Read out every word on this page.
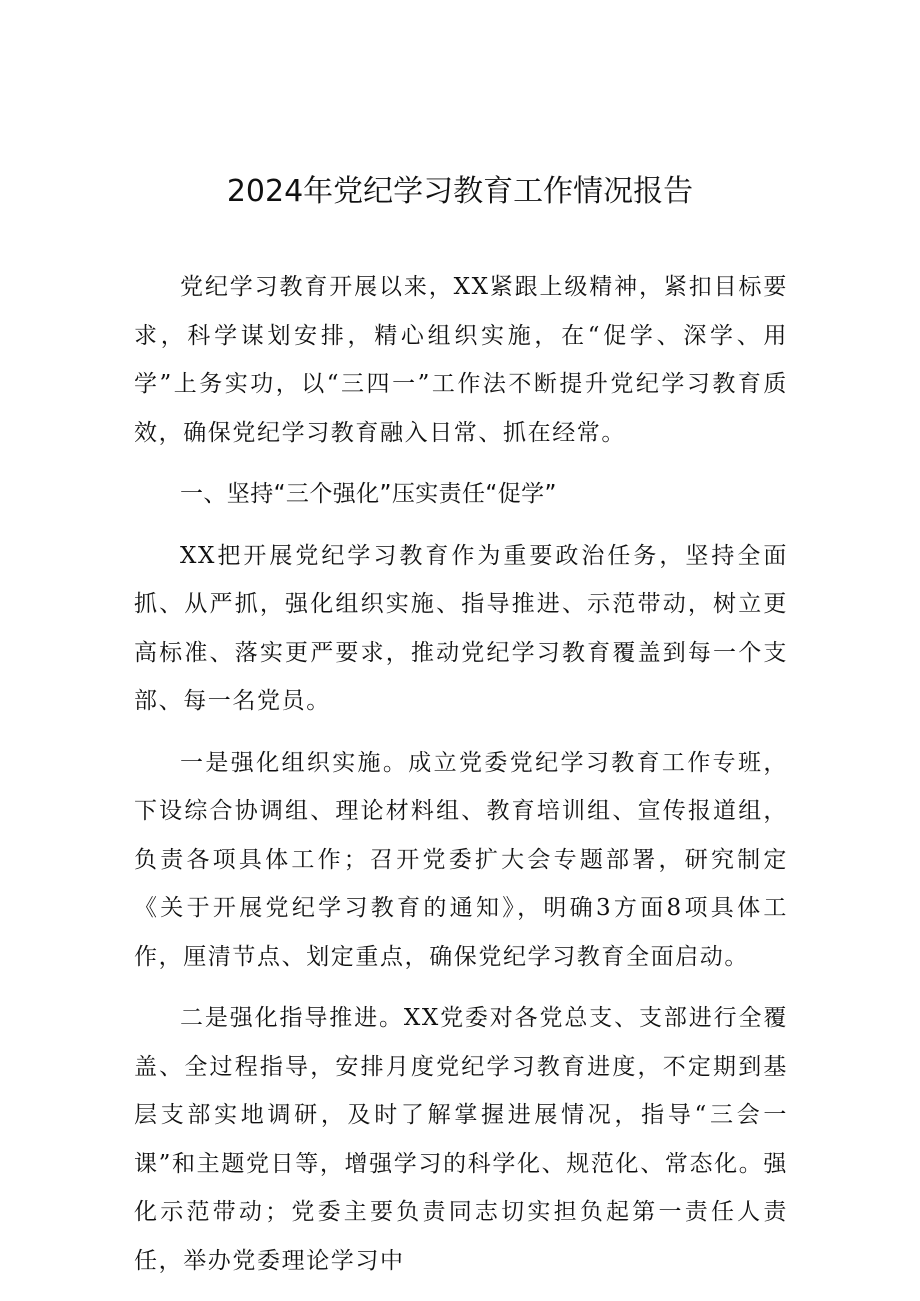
2024年党纪学习教育工作情况报告

党纪学习教育开展以来，XX紧跟上级精神，紧扣目标要求，科学谋划安排，精心组织实施，在“促学、深学、用学”上务实功，以“三四一”工作法不断提升党纪学习教育质效，确保党纪学习教育融入日常、抓在经常。

一、坚持“三个强化”压实责任“促学”

XX把开展党纪学习教育作为重要政治任务，坚持全面抓、从严抓，强化组织实施、指导推进、示范带动，树立更高标准、落实更严要求，推动党纪学习教育覆盖到每一个支部、每一名党员。

一是强化组织实施。成立党委党纪学习教育工作专班，下设综合协调组、理论材料组、教育培训组、宣传报道组，负责各项具体工作；召开党委扩大会专题部署，研究制定《关于开展党纪学习教育的通知》，明确3方面8项具体工作，厘清节点、划定重点，确保党纪学习教育全面启动。

二是强化指导推进。XX党委对各党总支、支部进行全覆盖、全过程指导，安排月度党纪学习教育进度，不定期到基层支部实地调研，及时了解掌握进展情况，指导“三会一课”和主题党日等，增强学习的科学化、规范化、常态化。强化示范带动；党委主要负责同志切实担负起第一责任人责任，举办党委理论学习中
